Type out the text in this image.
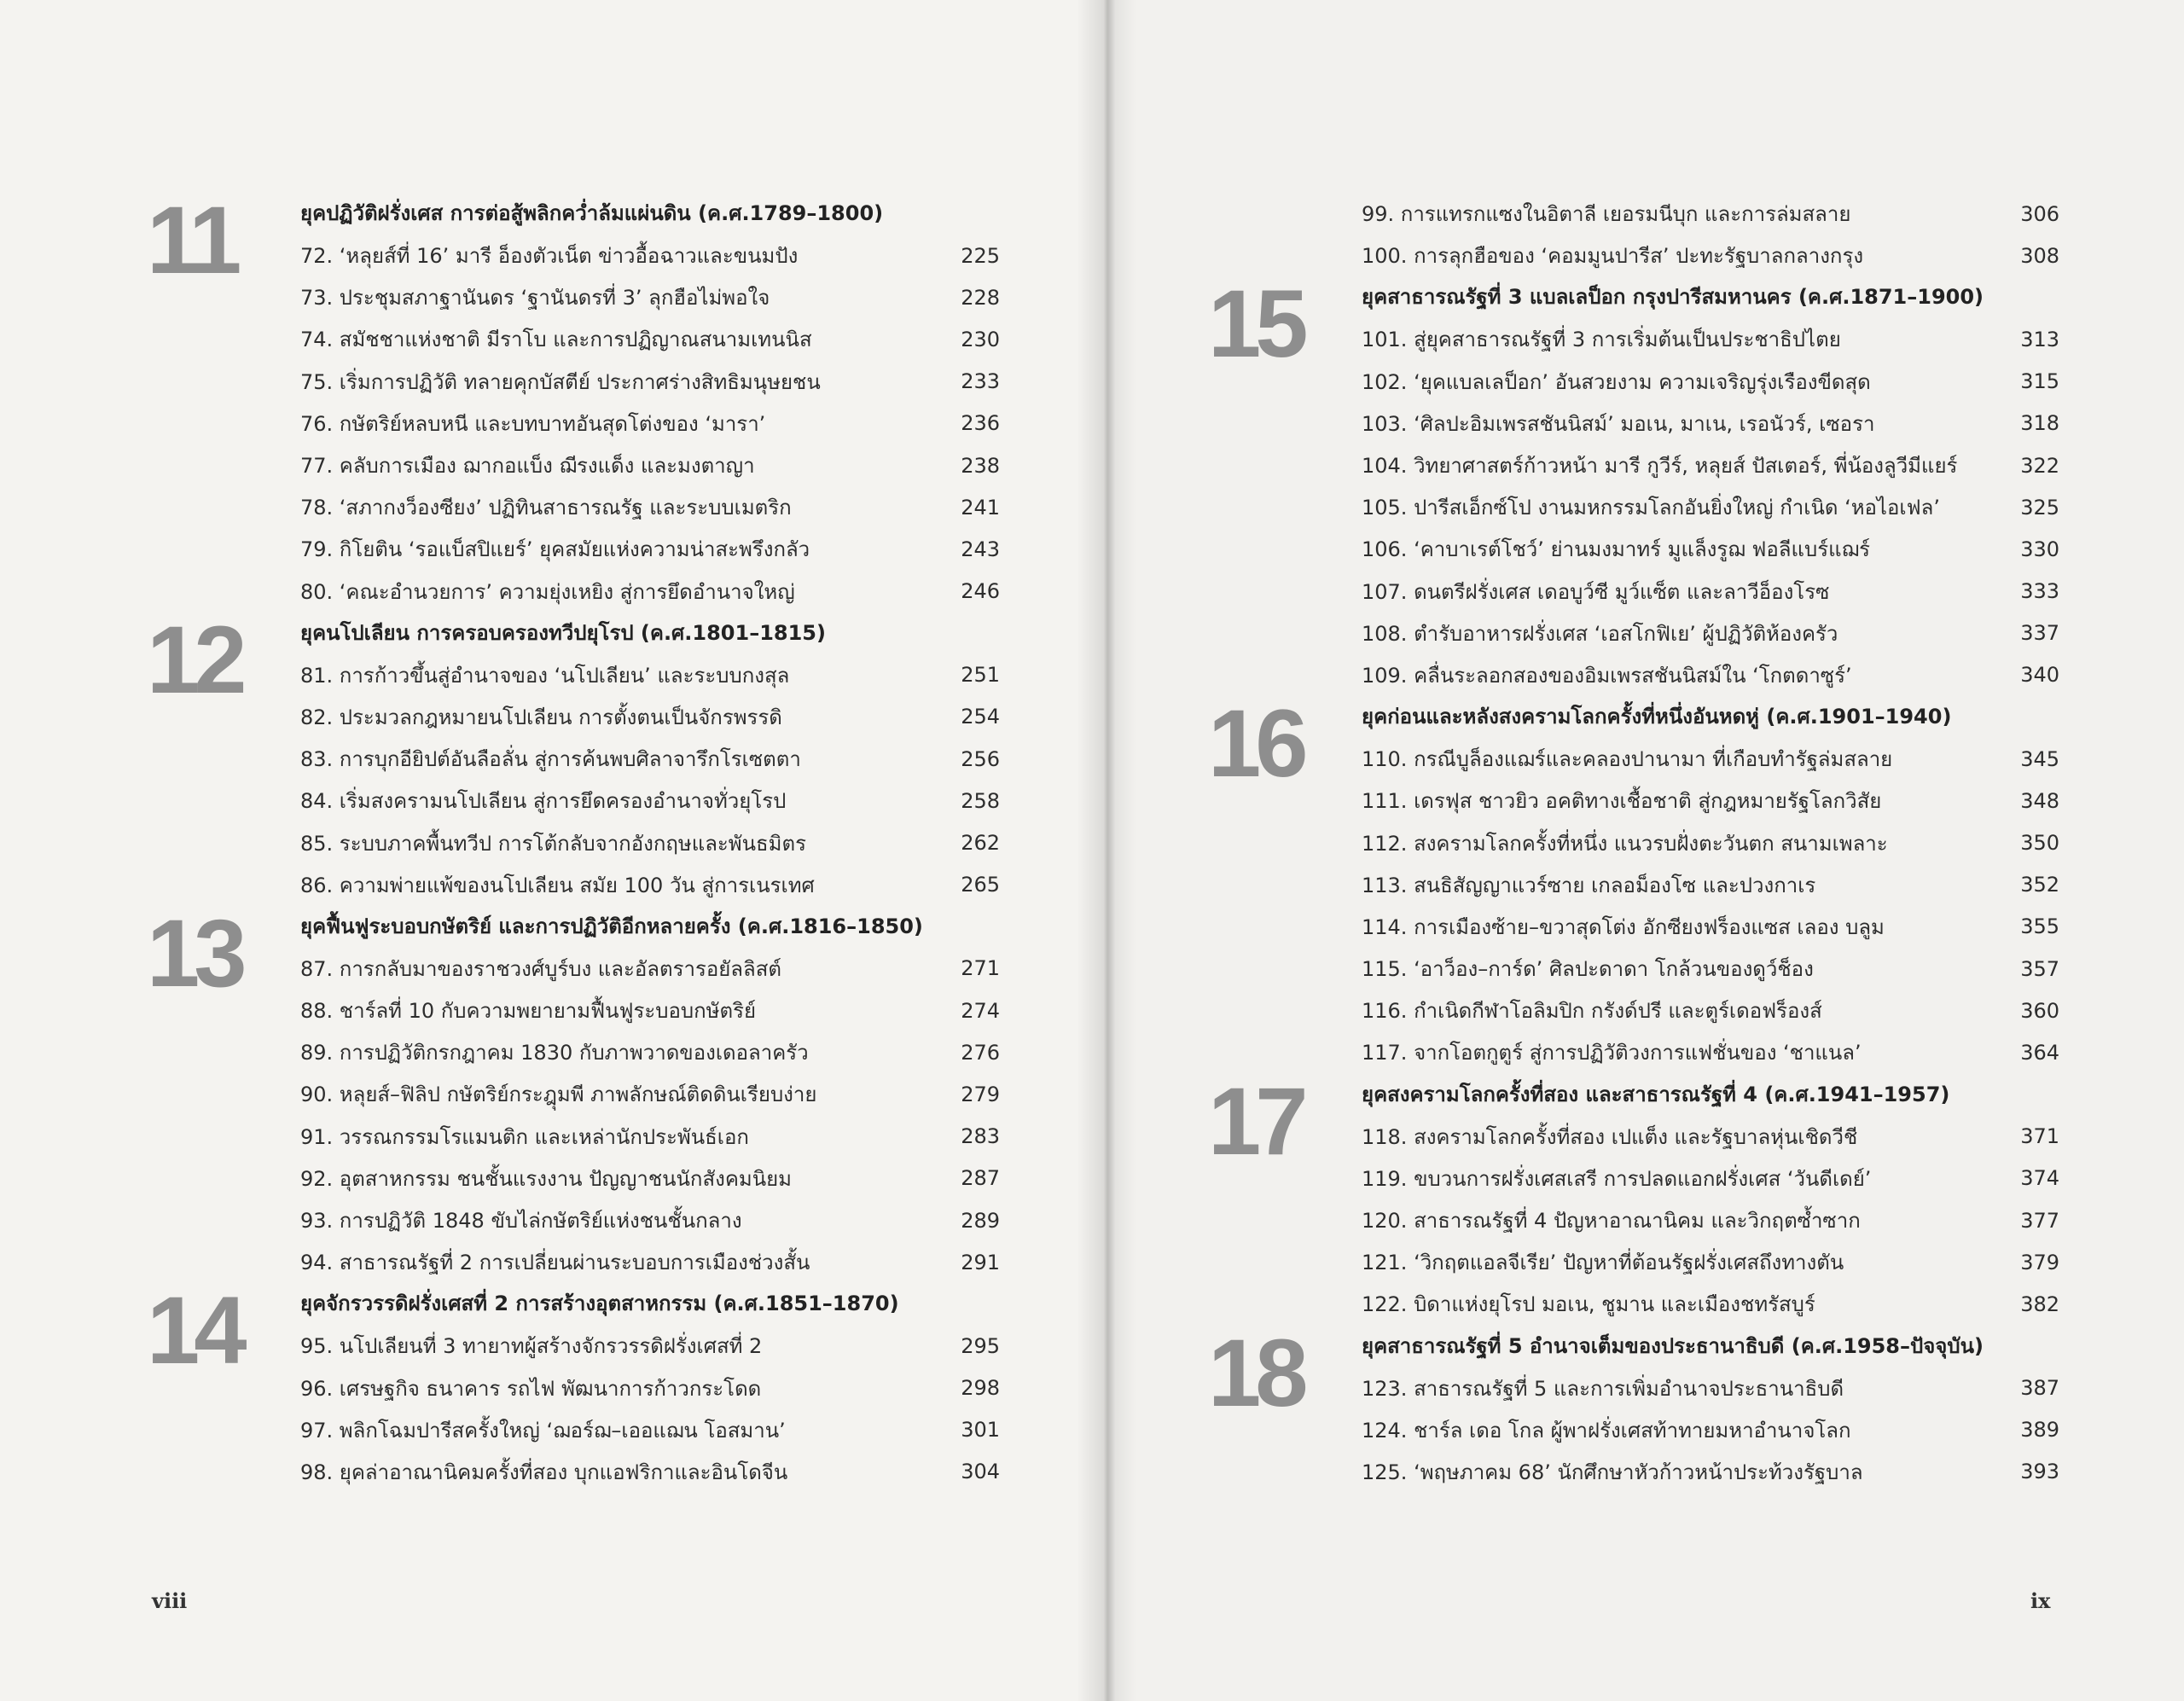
11	ยุคปฏิวัติฝรั่งเศส การต่อสู้พลิกคว่ำล้มแผ่นดิน (ค.ศ.1789–1800)
72. ‘หลุยส์ที่ 16’ มารี อ็องตัวเน็ต ข่าวอื้อฉาวและขนมปัง	225
73. ประชุมสภาฐานันดร ‘ฐานันดรที่ 3’ ลุกฮือไม่พอใจ	228
74. สมัชชาแห่งชาติ มีราโบ และการปฏิญาณสนามเทนนิส	230
75. เริ่มการปฏิวัติ ทลายคุกบัสตีย์ ประกาศร่างสิทธิมนุษยชน	233
76. กษัตริย์หลบหนี และบทบาทอันสุดโต่งของ ‘มารา’	236
77. คลับการเมือง ฌากอแบ็ง ฌีรงแด็ง และมงตาญา	238
78. ‘สภากงว็องซียง’ ปฏิทินสาธารณรัฐ และระบบเมตริก	241
79. กิโยติน ‘รอแบ็สปิแยร์’ ยุคสมัยแห่งความน่าสะพรึงกลัว	243
80. ‘คณะอำนวยการ’ ความยุ่งเหยิง สู่การยึดอำนาจใหญ่	246
12	ยุคนโปเลียน การครอบครองทวีปยุโรป (ค.ศ.1801–1815)
81. การก้าวขึ้นสู่อำนาจของ ‘นโปเลียน’ และระบบกงสุล	251
82. ประมวลกฎหมายนโปเลียน การตั้งตนเป็นจักรพรรดิ	254
83. การบุกอียิปต์อันลือลั่น สู่การค้นพบศิลาจารึกโรเซตตา	256
84. เริ่มสงครามนโปเลียน สู่การยึดครองอำนาจทั่วยุโรป	258
85. ระบบภาคพื้นทวีป การโต้กลับจากอังกฤษและพันธมิตร	262
86. ความพ่ายแพ้ของนโปเลียน สมัย 100 วัน สู่การเนรเทศ	265
13	ยุคฟื้นฟูระบอบกษัตริย์ และการปฏิวัติอีกหลายครั้ง (ค.ศ.1816–1850)
87. การกลับมาของราชวงศ์บูร์บง และอัลตรารอยัลลิสต์	271
88. ชาร์ลที่ 10 กับความพยายามฟื้นฟูระบอบกษัตริย์	274
89. การปฏิวัติกรกฎาคม 1830 กับภาพวาดของเดอลาครัว	276
90. หลุยส์–ฟิลิป กษัตริย์กระฎุมพี ภาพลักษณ์ติดดินเรียบง่าย	279
91. วรรณกรรมโรแมนติก และเหล่านักประพันธ์เอก	283
92. อุตสาหกรรม ชนชั้นแรงงาน ปัญญาชนนักสังคมนิยม	287
93. การปฏิวัติ 1848 ขับไล่กษัตริย์แห่งชนชั้นกลาง	289
94. สาธารณรัฐที่ 2 การเปลี่ยนผ่านระบอบการเมืองช่วงสั้น	291
14	ยุคจักรวรรดิฝรั่งเศสที่ 2 การสร้างอุตสาหกรรม (ค.ศ.1851–1870)
95. นโปเลียนที่ 3 ทายาทผู้สร้างจักรวรรดิฝรั่งเศสที่ 2	295
96. เศรษฐกิจ ธนาคาร รถไฟ พัฒนาการก้าวกระโดด	298
97. พลิกโฉมปารีสครั้งใหญ่ ‘ฌอร์ฌ–เออแฌน โอสมาน’	301
98. ยุคล่าอาณานิคมครั้งที่สอง บุกแอฟริกาและอินโดจีน	304
viii
99. การแทรกแซงในอิตาลี เยอรมนีบุก และการล่มสลาย	306
100. การลุกฮือของ ‘คอมมูนปารีส’ ปะทะรัฐบาลกลางกรุง	308
15	ยุคสาธารณรัฐที่ 3 แบลเลป็อก กรุงปารีสมหานคร (ค.ศ.1871–1900)
101. สู่ยุคสาธารณรัฐที่ 3 การเริ่มต้นเป็นประชาธิปไตย	313
102. ‘ยุคแบลเลป็อก’ อันสวยงาม ความเจริญรุ่งเรืองขีดสุด	315
103. ‘ศิลปะอิมเพรสชันนิสม์’ มอเน, มาเน, เรอนัวร์, เซอรา	318
104. วิทยาศาสตร์ก้าวหน้า มารี กูวีร์, หลุยส์ ปัสเตอร์, พี่น้องลูวีมีแยร์	322
105. ปารีสเอ็กซ์โป งานมหกรรมโลกอันยิ่งใหญ่ กำเนิด ‘หอไอเฟล’	325
106. ‘คาบาเรต์โชว์’ ย่านมงมาทร์ มูแล็งรูฌ ฟอลีแบร์แฌร์	330
107. ดนตรีฝรั่งเศส เดอบูว์ซี มูว์แซ็ต และลาวีอ็องโรซ	333
108. ตำรับอาหารฝรั่งเศส ‘เอสโกฟิเย’ ผู้ปฏิวัติห้องครัว	337
109. คลื่นระลอกสองของอิมเพรสชันนิสม์ใน ‘โกตดาซูร์’	340
16	ยุคก่อนและหลังสงครามโลกครั้งที่หนึ่งอันหดหู่ (ค.ศ.1901–1940)
110. กรณีบูล็องแฌร์และคลองปานามา ที่เกือบทำรัฐล่มสลาย	345
111. เดรฟุส ชาวยิว อคติทางเชื้อชาติ สู่กฎหมายรัฐโลกวิสัย	348
112. สงครามโลกครั้งที่หนึ่ง แนวรบฝั่งตะวันตก สนามเพลาะ	350
113. สนธิสัญญาแวร์ซาย เกลอม็องโซ และปวงกาเร	352
114. การเมืองซ้าย–ขวาสุดโต่ง อักซียงฟร็องแซส เลอง บลูม	355
115. ‘อาว็อง–การ์ด’ ศิลปะดาดา โกล้วนของดูว์ช็อง	357
116. กำเนิดกีฬาโอลิมปิก กรังด์ปรี และตูร์เดอฟร็องส์	360
117. จากโอตกูตูร์ สู่การปฏิวัติวงการแฟชั่นของ ‘ชาแนล’	364
17	ยุคสงครามโลกครั้งที่สอง และสาธารณรัฐที่ 4 (ค.ศ.1941–1957)
118. สงครามโลกครั้งที่สอง เปแต็ง และรัฐบาลหุ่นเชิดวีชี	371
119. ขบวนการฝรั่งเศสเสรี การปลดแอกฝรั่งเศส ‘วันดีเดย์’	374
120. สาธารณรัฐที่ 4 ปัญหาอาณานิคม และวิกฤตซ้ำซาก	377
121. ‘วิกฤตแอลจีเรีย’ ปัญหาที่ต้อนรัฐฝรั่งเศสถึงทางตัน	379
122. บิดาแห่งยุโรป มอเน, ชูมาน และเมืองชทรัสบูร์	382
18	ยุคสาธารณรัฐที่ 5 อำนาจเต็มของประธานาธิบดี (ค.ศ.1958–ปัจจุบัน)
123. สาธารณรัฐที่ 5 และการเพิ่มอำนาจประธานาธิบดี	387
124. ชาร์ล เดอ โกล ผู้พาฝรั่งเศสท้าทายมหาอำนาจโลก	389
125. ‘พฤษภาคม 68’ นักศึกษาหัวก้าวหน้าประท้วงรัฐบาล	393
ix
